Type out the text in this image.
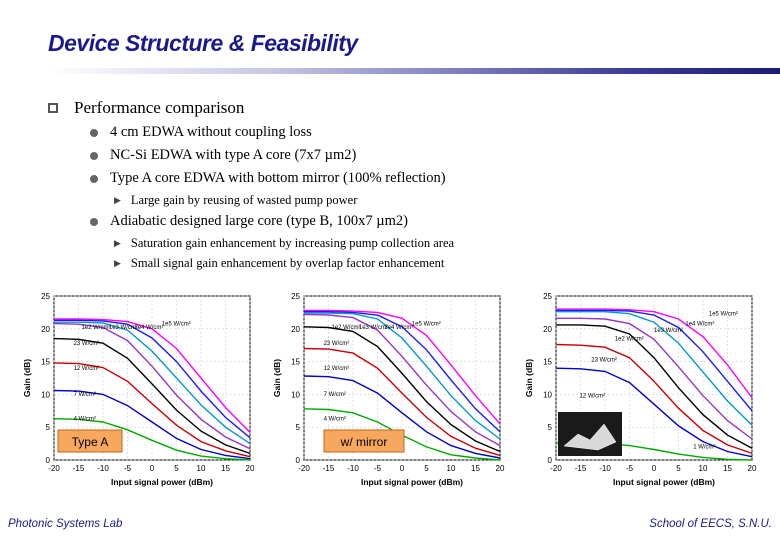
Device Structure & Feasibility
Performance comparison
4 cm EDWA without coupling loss
NC-Si EDWA with type A core (7x7 µm2)
Type A core EDWA with bottom mirror (100% reflection)
▶ Large gain by reusing of wasted pump power
Adiabatic designed large core (type B, 100x7 µm2)
▶ Saturation gain enhancement by increasing pump collection area
▶ Small signal gain enhancement by overlap factor enhancement
0
5
10
15
20
25
-20 -15 -10 -5 0	5 10 15 20
1e5 W/cm²
1e4 W/cm²
1e3 W/cm²
1e2 W/cm²
23 W/cm²
12 W/cm²
7 W/cm²
4 W/cm²
Input signal power (dBm)
Gain (dB)
Type A
0
5
10
15
20
25
-20 -15 -10 -5 0	5 10 15 20
1e5 W/cm²
1e4 W/cm²
1e3 W/cm²
1e2 W/cm²
23 W/cm²
12 W/cm²
7 W/cm²
4 W/cm²
Input signal power (dBm)
Gain (dB)
w/ mirror
0
5
10
15
20
25
-20 -15 -10 -5 0	5 10 15 20
1e5 W/cm²
1e4 W/cm²
1e3 W/cm²
1e2 W/cm²
23 W/cm²
12 W/cm²
1 W/cm²
Input signal power (dBm)
Gain (dB)
Photonic Systems Lab	School of EECS, S.N.U.
